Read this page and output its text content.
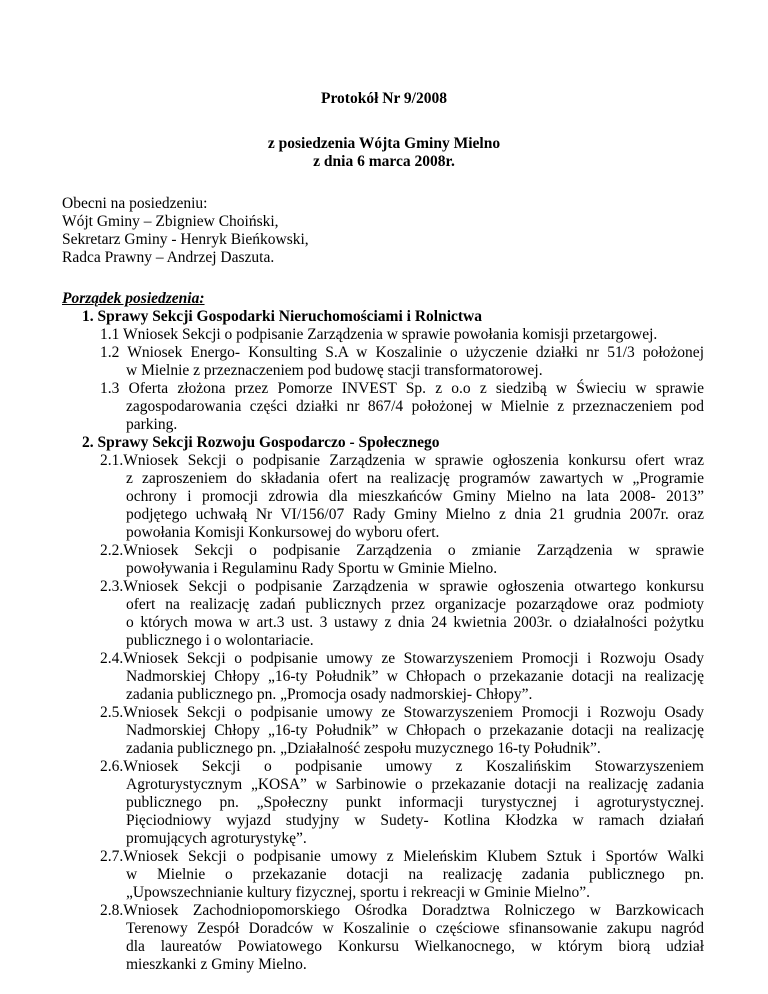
Protokół Nr 9/2008
z posiedzenia Wójta Gminy Mielno
z dnia 6 marca 2008r.
Obecni na posiedzeniu:
Wójt Gminy – Zbigniew Choiński,
Sekretarz Gminy - Henryk Bieńkowski,
Radca Prawny – Andrzej Daszuta.
Porządek posiedzenia:
1. Sprawy Sekcji Gospodarki Nieruchomościami i Rolnictwa
1.1 Wniosek Sekcji o podpisanie Zarządzenia w sprawie powołania komisji przetargowej.
1.2 Wniosek Energo- Konsulting S.A w Koszalinie o użyczenie działki nr 51/3 położonej
w Mielnie z przeznaczeniem pod budowę stacji transformatorowej.
1.3 Oferta złożona przez Pomorze INVEST Sp. z o.o z siedzibą w Świeciu w sprawie
zagospodarowania części działki nr 867/4 położonej w Mielnie z przeznaczeniem pod
parking.
2. Sprawy Sekcji Rozwoju Gospodarczo - Społecznego
2.1.Wniosek Sekcji o podpisanie Zarządzenia w sprawie ogłoszenia konkursu ofert wraz
z zaproszeniem do składania ofert na realizację programów zawartych w „Programie
ochrony i promocji zdrowia dla mieszkańców Gminy Mielno na lata 2008- 2013”
podjętego uchwałą Nr VI/156/07 Rady Gminy Mielno z dnia 21 grudnia 2007r. oraz
powołania Komisji Konkursowej do wyboru ofert.
2.2.Wniosek Sekcji o podpisanie Zarządzenia o zmianie Zarządzenia w sprawie
powoływania i Regulaminu Rady Sportu w Gminie Mielno.
2.3.Wniosek Sekcji o podpisanie Zarządzenia w sprawie ogłoszenia otwartego konkursu
ofert na realizację zadań publicznych przez organizacje pozarządowe oraz podmioty
o których mowa w art.3 ust. 3 ustawy z dnia 24 kwietnia 2003r. o działalności pożytku
publicznego i o wolontariacie.
2.4.Wniosek Sekcji o podpisanie umowy ze Stowarzyszeniem Promocji i Rozwoju Osady
Nadmorskiej Chłopy „16-ty Południk” w Chłopach o przekazanie dotacji na realizację
zadania publicznego pn. „Promocja osady nadmorskiej- Chłopy”.
2.5.Wniosek Sekcji o podpisanie umowy ze Stowarzyszeniem Promocji i Rozwoju Osady
Nadmorskiej Chłopy „16-ty Południk” w Chłopach o przekazanie dotacji na realizację
zadania publicznego pn. „Działalność zespołu muzycznego 16-ty Południk”.
2.6.Wniosek Sekcji o podpisanie umowy z Koszalińskim Stowarzyszeniem
Agroturystycznym „KOSA” w Sarbinowie o przekazanie dotacji na realizację zadania
publicznego pn. „Społeczny punkt informacji turystycznej i agroturystycznej.
Pięciodniowy wyjazd studyjny w Sudety- Kotlina Kłodzka w ramach działań
promujących agroturystykę”.
2.7.Wniosek Sekcji o podpisanie umowy z Mieleńskim Klubem Sztuk i Sportów Walki
w Mielnie o przekazanie dotacji na realizację zadania publicznego pn.
„Upowszechnianie kultury fizycznej, sportu i rekreacji w Gminie Mielno”.
2.8.Wniosek Zachodniopomorskiego Ośrodka Doradztwa Rolniczego w Barzkowicach
Terenowy Zespół Doradców w Koszalinie o częściowe sfinansowanie zakupu nagród
dla laureatów Powiatowego Konkursu Wielkanocnego, w którym biorą udział
mieszkanki z Gminy Mielno.
